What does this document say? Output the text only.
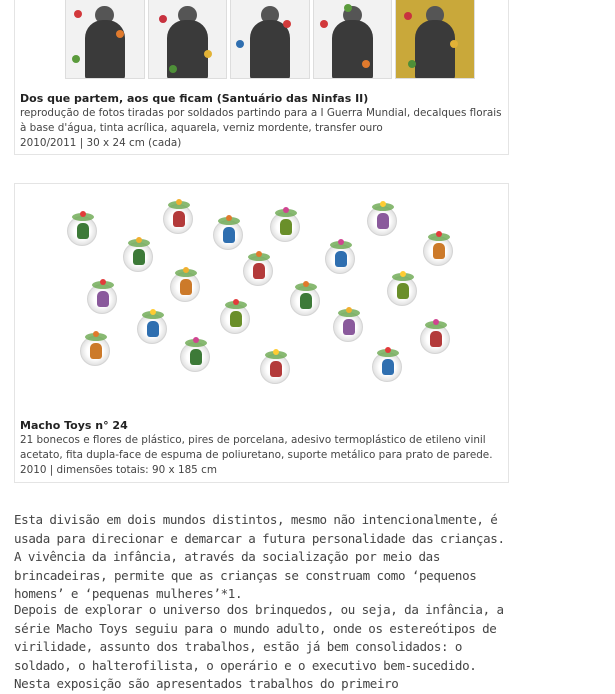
Dos que partem, aos que ficam (Santuário das Ninfas II)
reprodução de fotos tiradas por soldados partindo para a I Guerra Mundial, decalques florais à base d'água, tinta acrílica, aquarela, verniz mordente, transfer ouro
2010/2011 | 30 x 24 cm (cada)
Macho Toys n° 24
21 bonecos e flores de plástico, pires de porcelana, adesivo termoplástico de etileno vinil acetato, fita dupla-face de espuma de poliuretano, suporte metálico para prato de parede.
2010 | dimensões totais: 90 x 185 cm
Esta divisão em dois mundos distintos, mesmo não intencionalmente, é usada para direcionar e demarcar a futura personalidade das crianças. A vivência da infância, através da socialização por meio das brincadeiras, permite que as crianças se construam como ‘pequenos homens’ e ‘pequenas mulheres’*1.
Depois de explorar o universo dos brinquedos, ou seja, da infância, a série Macho Toys seguiu para o mundo adulto, onde os estereótipos de virilidade, assunto dos trabalhos, estão já bem consolidados: o soldado, o halterofilista, o operário e o executivo bem-sucedido. Nesta exposição são apresentados trabalhos do primeiro
